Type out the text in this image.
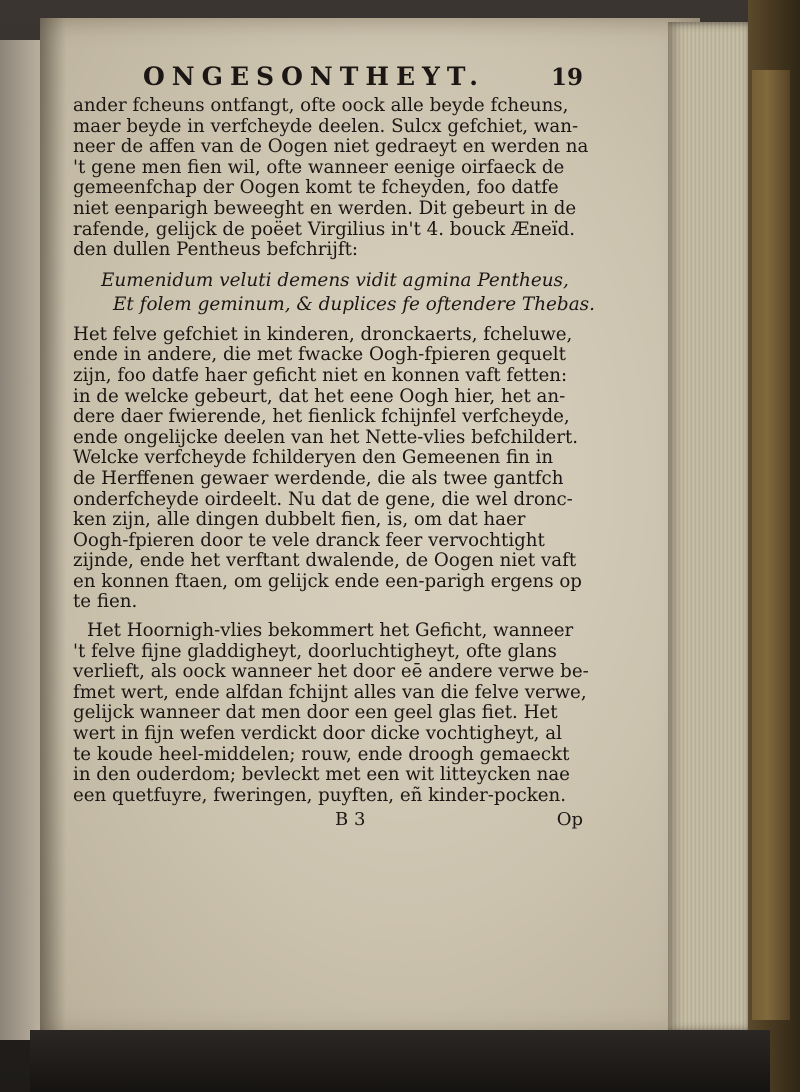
ONGESONTHEYT.	19
ander fcheuns ontfangt, ofte oock alle beyde fcheuns,
maer beyde in verfcheyde deelen. Sulcx gefchiet, wan-
neer de affen van de Oogen niet gedraeyt en werden na
't gene men fien wil, ofte wanneer eenige oirfaeck de
gemeenfchap der Oogen komt te fcheyden, foo datfe
niet eenparigh beweeght en werden. Dit gebeurt in de
rafende, gelijck de poëet Virgilius in't 4. bouck Æneïd.
den dullen Pentheus befchrijft:
Eumenidum veluti demens vidit agmina Pentheus,
Et folem geminum, & duplices fe oftendere Thebas.
Het felve gefchiet in kinderen, dronckaerts, fcheluwe,
ende in andere, die met fwacke Oogh-fpieren gequelt
zijn, foo datfe haer geficht niet en konnen vaft fetten:
in de welcke gebeurt, dat het eene Oogh hier, het an-
dere daer fwierende, het fienlick fchijnfel verfcheyde,
ende ongelijcke deelen van het Nette-vlies befchildert.
Welcke verfcheyde fchilderyen den Gemeenen fin in
de Herffenen gewaer werdende, die als twee gantfch
onderfcheyde oirdeelt. Nu dat de gene, die wel dronc-
ken zijn, alle dingen dubbelt fien, is, om dat haer
Oogh-fpieren door te vele dranck feer vervochtight
zijnde, ende het verftant dwalende, de Oogen niet vaft
en konnen ftaen, om gelijck ende een-parigh ergens op
te fien.
Het Hoornigh-vlies bekommert het Geficht, wanneer
't felve fijne gladdigheyt, doorluchtigheyt, ofte glans
verlieft, als oock wanneer het door eē andere verwe be-
fmet wert, ende alfdan fchijnt alles van die felve verwe,
gelijck wanneer dat men door een geel glas fiet. Het
wert in fijn wefen verdickt door dicke vochtigheyt, al
te koude heel-middelen; rouw, ende droogh gemaeckt
in den ouderdom; bevleckt met een wit litteycken nae
een quetfuyre, fweringen, puyften, eñ kinder-pocken.
B 3	Op
